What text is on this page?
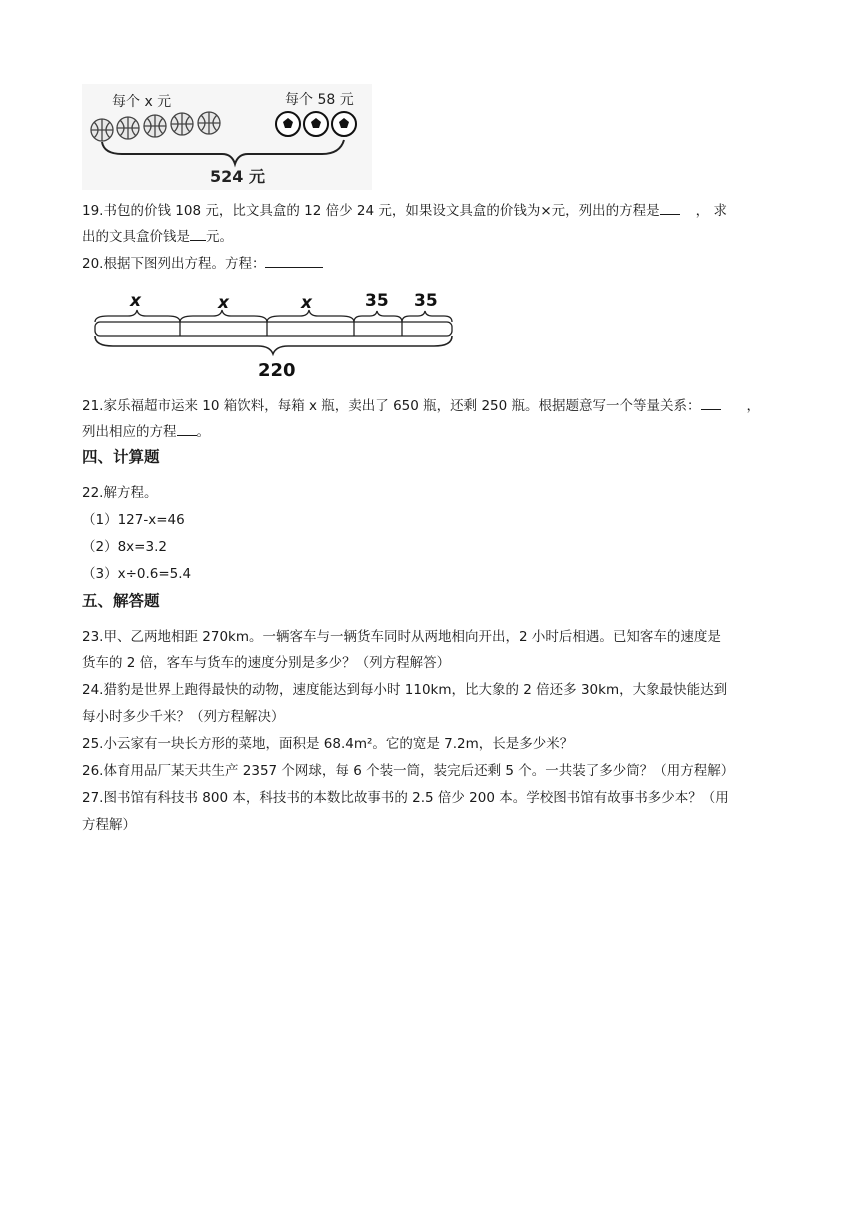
每个 x 元	每个 58 元
524 元
19.书包的价钱 108 元，比文具盒的 12 倍少 24 元，如果设文具盒的价钱为×元，列出的方程是	， 求
出的文具盒价钱是 元。
20.根据下图列出方程。方程：
x	x	x	35 35
220
21.家乐福超市运来 10 箱饮料，每箱 x 瓶，卖出了 650 瓶，还剩 250 瓶。根据题意写一个等量关系：	，
列出相应的方程 。
四、计算题
22.解方程。
（1）127-x=46
（2）8x=3.2
（3）x÷0.6=5.4
五、解答题
23.甲、乙两地相距 270km。一辆客车与一辆货车同时从两地相向开出，2 小时后相遇。已知客车的速度是
货车的 2 倍，客车与货车的速度分别是多少？（列方程解答）
24.猎豹是世界上跑得最快的动物，速度能达到每小时 110km，比大象的 2 倍还多 30km，大象最快能达到
每小时多少千米？（列方程解决）
25.小云家有一块长方形的菜地，面积是 68.4m²。它的宽是 7.2m，长是多少米？
26.体育用品厂某天共生产 2357 个网球，每 6 个装一筒，装完后还剩 5 个。一共装了多少筒？（用方程解）
27.图书馆有科技书 800 本，科技书的本数比故事书的 2.5 倍少 200 本。学校图书馆有故事书多少本？（用
方程解）
